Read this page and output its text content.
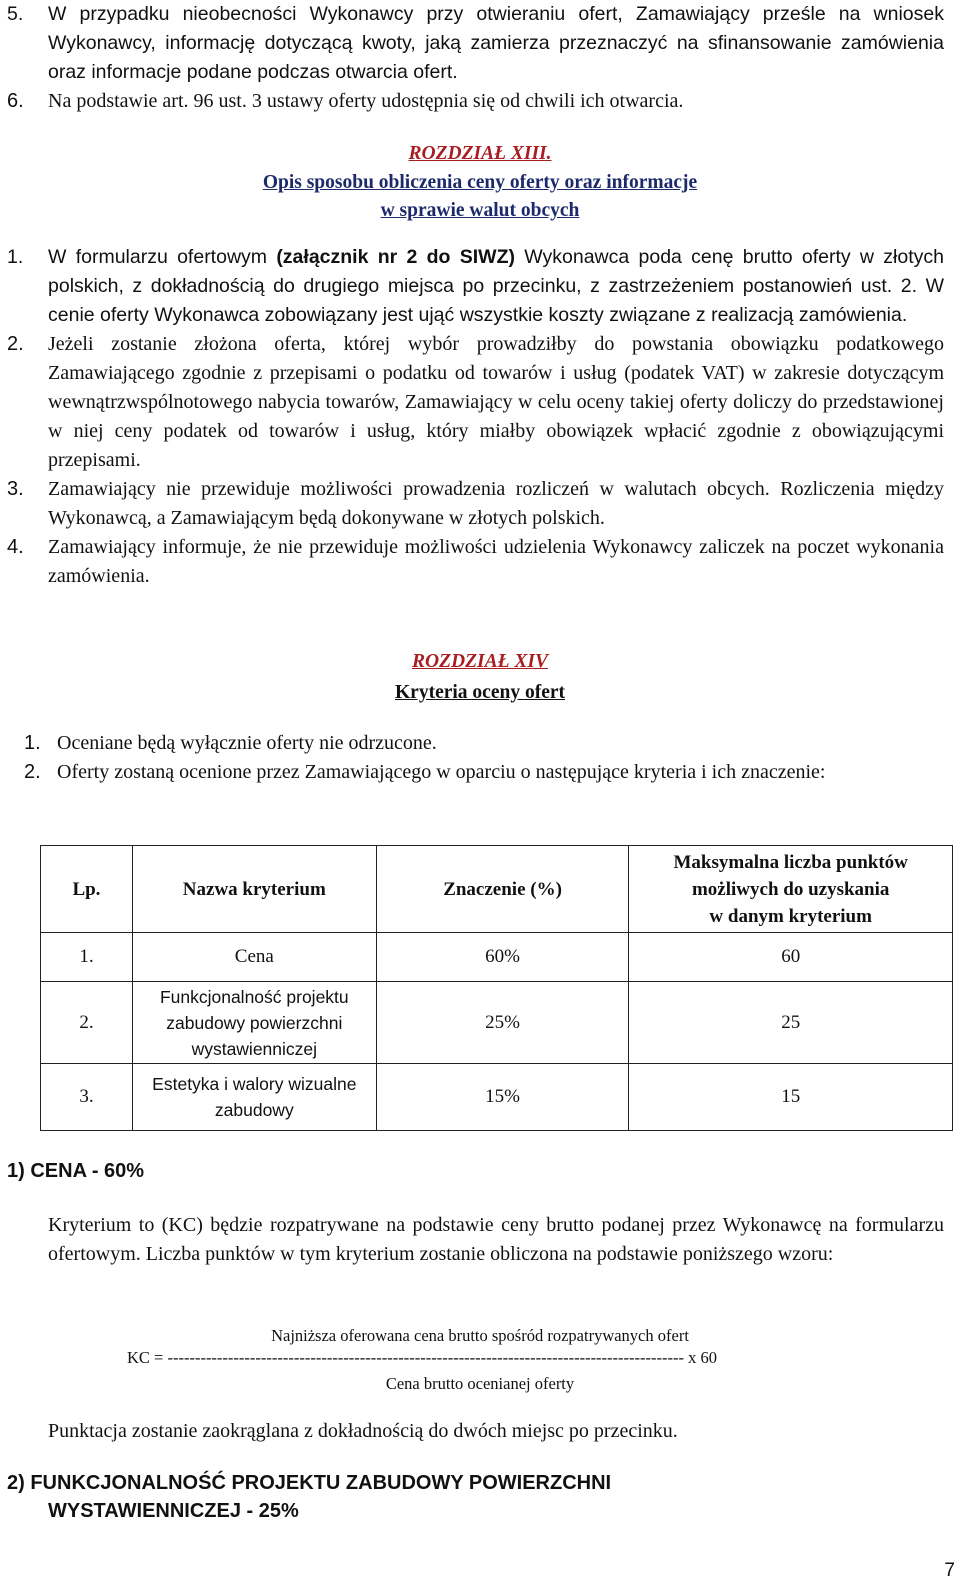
5. W przypadku nieobecności Wykonawcy przy otwieraniu ofert, Zamawiający prześle na wniosek Wykonawcy, informację dotyczącą kwoty, jaką zamierza przeznaczyć na sfinansowanie zamówienia oraz informacje podane podczas otwarcia ofert.
6. Na podstawie art. 96 ust. 3 ustawy oferty udostępnia się od chwili ich otwarcia.
ROZDZIAŁ XIII.
Opis sposobu obliczenia ceny oferty oraz informacje
w sprawie walut obcych
1. W formularzu ofertowym (załącznik nr 2 do SIWZ) Wykonawca poda cenę brutto oferty w złotych polskich, z dokładnością do drugiego miejsca po przecinku, z zastrzeżeniem postanowień ust. 2. W cenie oferty Wykonawca zobowiązany jest ująć wszystkie koszty związane z realizacją zamówienia.
2. Jeżeli zostanie złożona oferta, której wybór prowadziłby do powstania obowiązku podatkowego Zamawiającego zgodnie z przepisami o podatku od towarów i usług (podatek VAT) w zakresie dotyczącym wewnątrzwspólnotowego nabycia towarów, Zamawiający w celu oceny takiej oferty doliczy do przedstawionej w niej ceny podatek od towarów i usług, który miałby obowiązek wpłacić zgodnie z obowiązującymi przepisami.
3. Zamawiający nie przewiduje możliwości prowadzenia rozliczeń w walutach obcych. Rozliczenia między Wykonawcą, a Zamawiającym będą dokonywane w złotych polskich.
4. Zamawiający informuje, że nie przewiduje możliwości udzielenia Wykonawcy zaliczek na poczet wykonania zamówienia.
ROZDZIAŁ XIV
Kryteria oceny ofert
1. Oceniane będą wyłącznie oferty nie odrzucone.
2. Oferty zostaną ocenione przez Zamawiającego w oparciu o następujące kryteria i ich znaczenie:
Lp.	Nazwa kryterium	Znaczenie (%)	Maksymalna liczba punktów
możliwych do uzyskania
w danym kryterium

1.	Cena	60%	60
2.	Funkcjonalność projektu zabudowy powierzchni wystawienniczej	25%	25
3.	Estetyka i walory wizualne zabudowy	15%	15
1) CENA - 60%
Kryterium to (KC) będzie rozpatrywane na podstawie ceny brutto podanej przez Wykonawcę na formularzu ofertowym. Liczba punktów w tym kryterium zostanie obliczona na podstawie poniższego wzoru:
Najniższa oferowana cena brutto spośród rozpatrywanych ofert
KC = ---------------------------------------------------------------------------------------------- x 60
Cena brutto ocenianej oferty
Punktacja zostanie zaokrąglana z dokładnością do dwóch miejsc po przecinku.
2) FUNKCJONALNOŚĆ PROJEKTU ZABUDOWY POWIERZCHNI
WYSTAWIENNICZEJ - 25%
7
